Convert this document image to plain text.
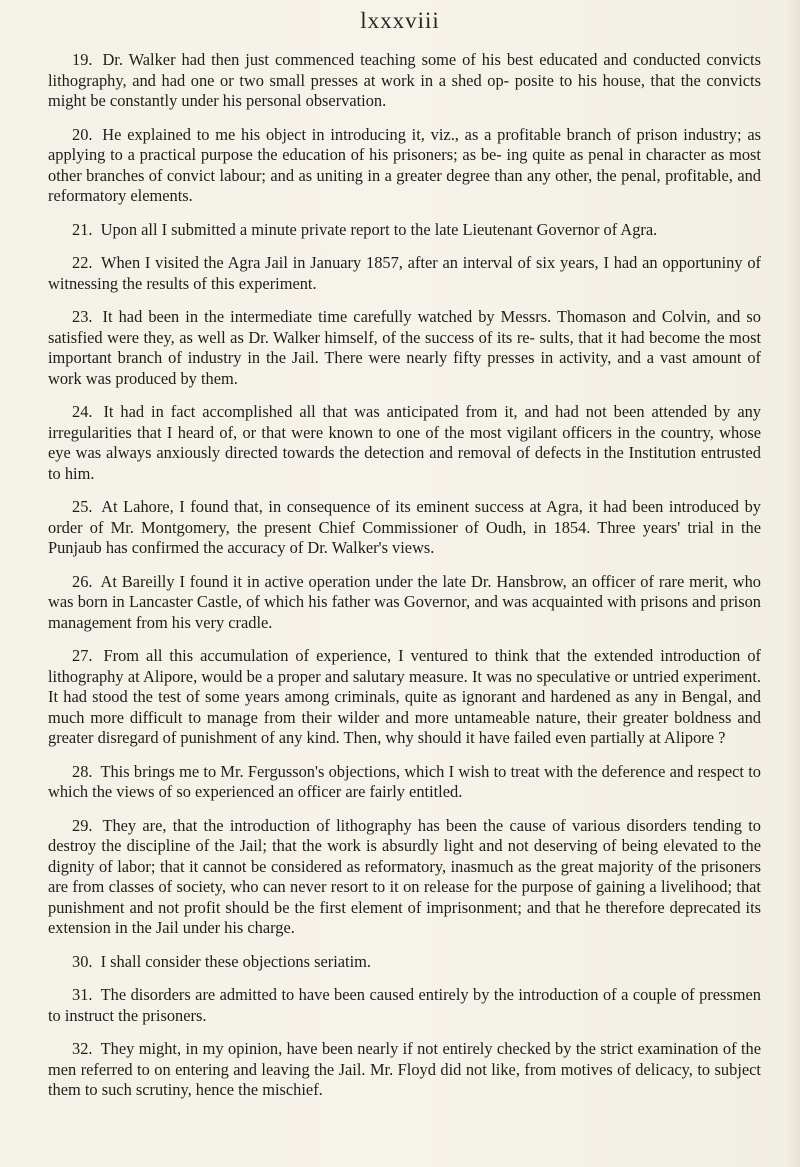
lxxxviii

19. Dr. Walker had then just commenced teaching some of his best educated and conducted convicts lithography, and had one or two small presses at work in a shed op- posite to his house, that the convicts might be constantly under his personal observation.

20. He explained to me his object in introducing it, viz., as a profitable branch of prison industry; as applying to a practical purpose the education of his prisoners; as be- ing quite as penal in character as most other branches of convict labour; and as uniting in a greater degree than any other, the penal, profitable, and reformatory elements.

21. Upon all I submitted a minute private report to the late Lieutenant Governor of Agra.

22. When I visited the Agra Jail in January 1857, after an interval of six years, I had an opportuniny of witnessing the results of this experiment.

23. It had been in the intermediate time carefully watched by Messrs. Thomason and Colvin, and so satisfied were they, as well as Dr. Walker himself, of the success of its re- sults, that it had become the most important branch of industry in the Jail. There were nearly fifty presses in activity, and a vast amount of work was produced by them.

24. It had in fact accomplished all that was anticipated from it, and had not been attended by any irregularities that I heard of, or that were known to one of the most vigilant officers in the country, whose eye was always anxiously directed towards the detection and removal of defects in the Institution entrusted to him.

25. At Lahore, I found that, in consequence of its eminent success at Agra, it had been introduced by order of Mr. Montgomery, the present Chief Commissioner of Oudh, in 1854. Three years' trial in the Punjaub has confirmed the accuracy of Dr. Walker's views.

26. At Bareilly I found it in active operation under the late Dr. Hansbrow, an officer of rare merit, who was born in Lancaster Castle, of which his father was Governor, and was acquainted with prisons and prison management from his very cradle.

27. From all this accumulation of experience, I ventured to think that the extended introduction of lithography at Alipore, would be a proper and salutary measure. It was no speculative or untried experiment. It had stood the test of some years among criminals, quite as ignorant and hardened as any in Bengal, and much more difficult to manage from their wilder and more untameable nature, their greater boldness and greater disregard of punishment of any kind. Then, why should it have failed even partially at Alipore ?

28. This brings me to Mr. Fergusson's objections, which I wish to treat with the deference and respect to which the views of so experienced an officer are fairly entitled.

29. They are, that the introduction of lithography has been the cause of various disorders tending to destroy the discipline of the Jail; that the work is absurdly light and not deserving of being elevated to the dignity of labor; that it cannot be considered as reformatory, inasmuch as the great majority of the prisoners are from classes of society, who can never resort to it on release for the purpose of gaining a livelihood; that punishment and not profit should be the first element of imprisonment; and that he therefore deprecated its extension in the Jail under his charge.

30. I shall consider these objections seriatim.

31. The disorders are admitted to have been caused entirely by the introduction of a couple of pressmen to instruct the prisoners.

32. They might, in my opinion, have been nearly if not entirely checked by the strict examination of the men referred to on entering and leaving the Jail. Mr. Floyd did not like, from motives of delicacy, to subject them to such scrutiny, hence the mischief.
